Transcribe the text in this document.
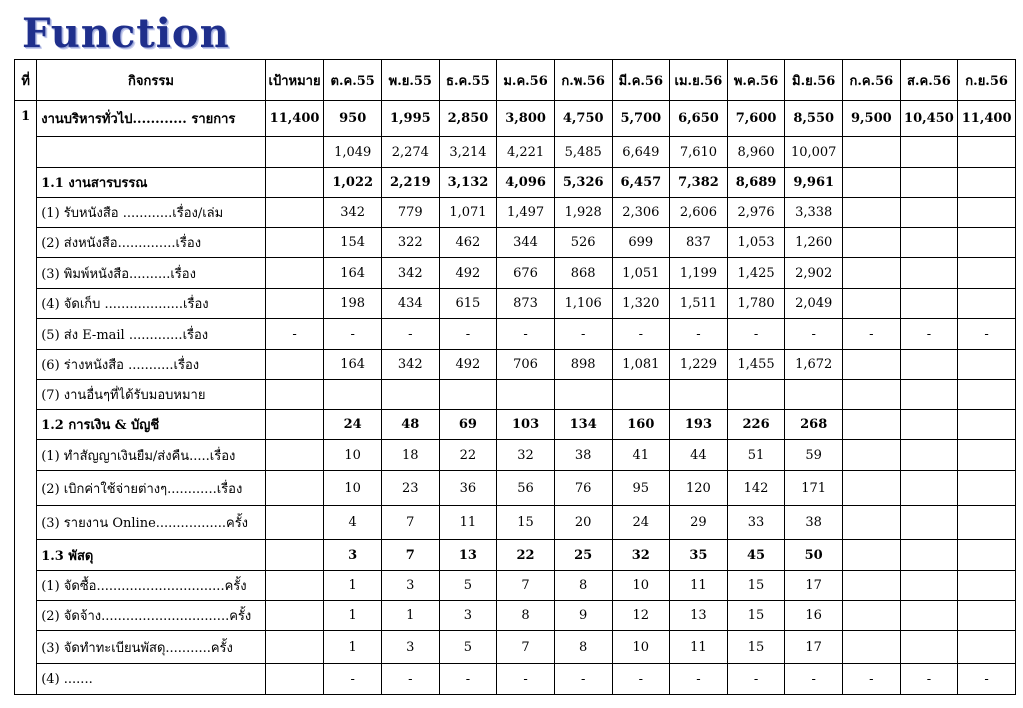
Function
ที่	กิจกรรม	เป้าหมาย	ต.ค.55	พ.ย.55	ธ.ค.55	ม.ค.56	ก.พ.56	มี.ค.56	เม.ย.56	พ.ค.56	มิ.ย.56	ก.ค.56	ส.ค.56	ก.ย.56
1	งานบริหารทั่วไป............ รายการ	11,400	950	1,995	2,850	3,800	4,750	5,700	6,650	7,600	8,550	9,500	10,450	11,400
			1,049	2,274	3,214	4,221	5,485	6,649	7,610	8,960	10,007			
	1.1 งานสารบรรณ		1,022	2,219	3,132	4,096	5,326	6,457	7,382	8,689	9,961			
	(1) รับหนังสือ ............เรื่อง/เล่ม		342	779	1,071	1,497	1,928	2,306	2,606	2,976	3,338			
	(2) ส่งหนังสือ..............เรื่อง		154	322	462	344	526	699	837	1,053	1,260			
	(3) พิมพ์หนังสือ..........เรื่อง		164	342	492	676	868	1,051	1,199	1,425	2,902			
	(4) จัดเก็บ ...................เรื่อง		198	434	615	873	1,106	1,320	1,511	1,780	2,049			
	(5) ส่ง E-mail .............เรื่อง	-	-	-	-	-	-	-	-	-	-	-	-	-
	(6) ร่างหนังสือ ...........เรื่อง		164	342	492	706	898	1,081	1,229	1,455	1,672			
	(7) งานอื่นๆที่ได้รับมอบหมาย													
	1.2 การเงิน & บัญชี		24	48	69	103	134	160	193	226	268			
	(1) ทำสัญญาเงินยืม/ส่งคืน.....เรื่อง		10	18	22	32	38	41	44	51	59			
	(2) เบิกค่าใช้จ่ายต่างๆ............เรื่อง		10	23	36	56	76	95	120	142	171			
	(3) รายงาน Online.................ครั้ง		4	7	11	15	20	24	29	33	38			
	1.3 พัสดุ		3	7	13	22	25	32	35	45	50			
	(1) จัดซื้อ...............................ครั้ง		1	3	5	7	8	10	11	15	17			
	(2) จัดจ้าง...............................ครั้ง		1	1	3	8	9	12	13	15	16			
	(3) จัดทำทะเบียนพัสดุ...........ครั้ง		1	3	5	7	8	10	11	15	17			
	(4) .......		-	-	-	-	-	-	-	-	-	-	-	-
